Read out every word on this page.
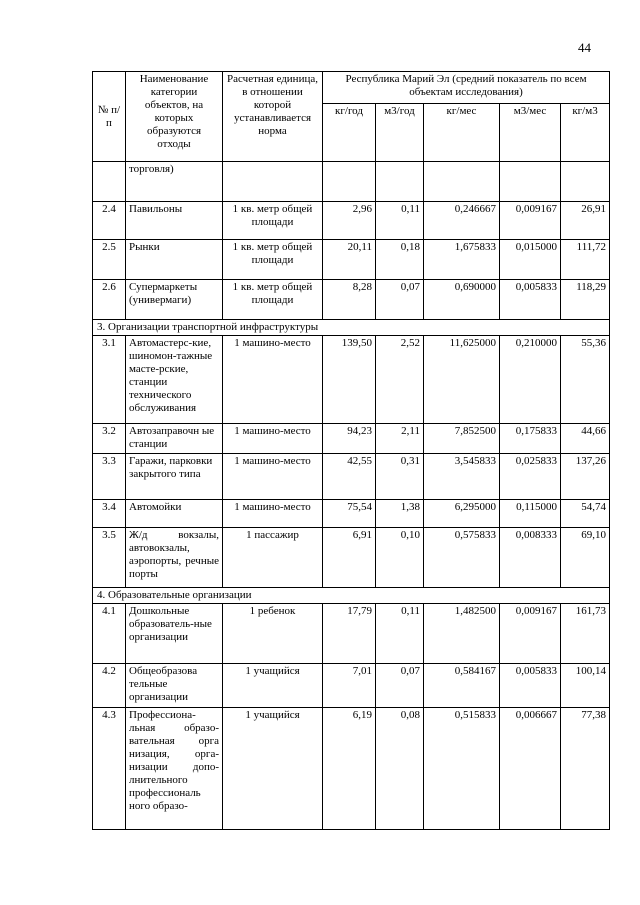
44
№ п/п	Наименование категории объектов, на которых образуются отходы	Расчетная единица, в отношении которой устанавливается норма	Республика Марий Эл (средний показатель по всем объектам исследования)				
			кг/год	м3/год	кг/мес	м3/мес	кг/м3
	торговля)						
2.4	Павильоны	1 кв. метр общей площади	2,96	0,11	0,246667	0,009167	26,91
2.5	Рынки	1 кв. метр общей площади	20,11	0,18	1,675833	0,015000	111,72
2.6	Супермаркеты (универмаги)	1 кв. метр общей площади	8,28	0,07	0,690000	0,005833	118,29
3. Организации транспортной инфраструктуры							
3.1	Автомастерс-кие, шиномон-тажные масте-рские, станции технического обслуживания	1 машино-место	139,50	2,52	11,625000	0,210000	55,36
3.2	Автозаправочн ые станции	1 машино-место	94,23	2,11	7,852500	0,175833	44,66
3.3	Гаражи, парковки закрытого типа	1 машино-место	42,55	0,31	3,545833	0,025833	137,26
3.4	Автомойки	1 машино-место	75,54	1,38	6,295000	0,115000	54,74
3.5	Ж/д вокзалы, автовокзалы, аэропорты, речные порты	1 пассажир	6,91	0,10	0,575833	0,008333	69,10
4. Образовательные организации							
4.1	Дошкольные образователь-ные организации	1 ребенок	17,79	0,11	1,482500	0,009167	161,73
4.2	Общеобразова тельные организации	1 учащийся	7,01	0,07	0,584167	0,005833	100,14
4.3	Профессиона-льная образо-вательная орга низация, орга-низации допо-лнительного профессиональ ного образо-	1 учащийся	6,19	0,08	0,515833	0,006667	77,38
